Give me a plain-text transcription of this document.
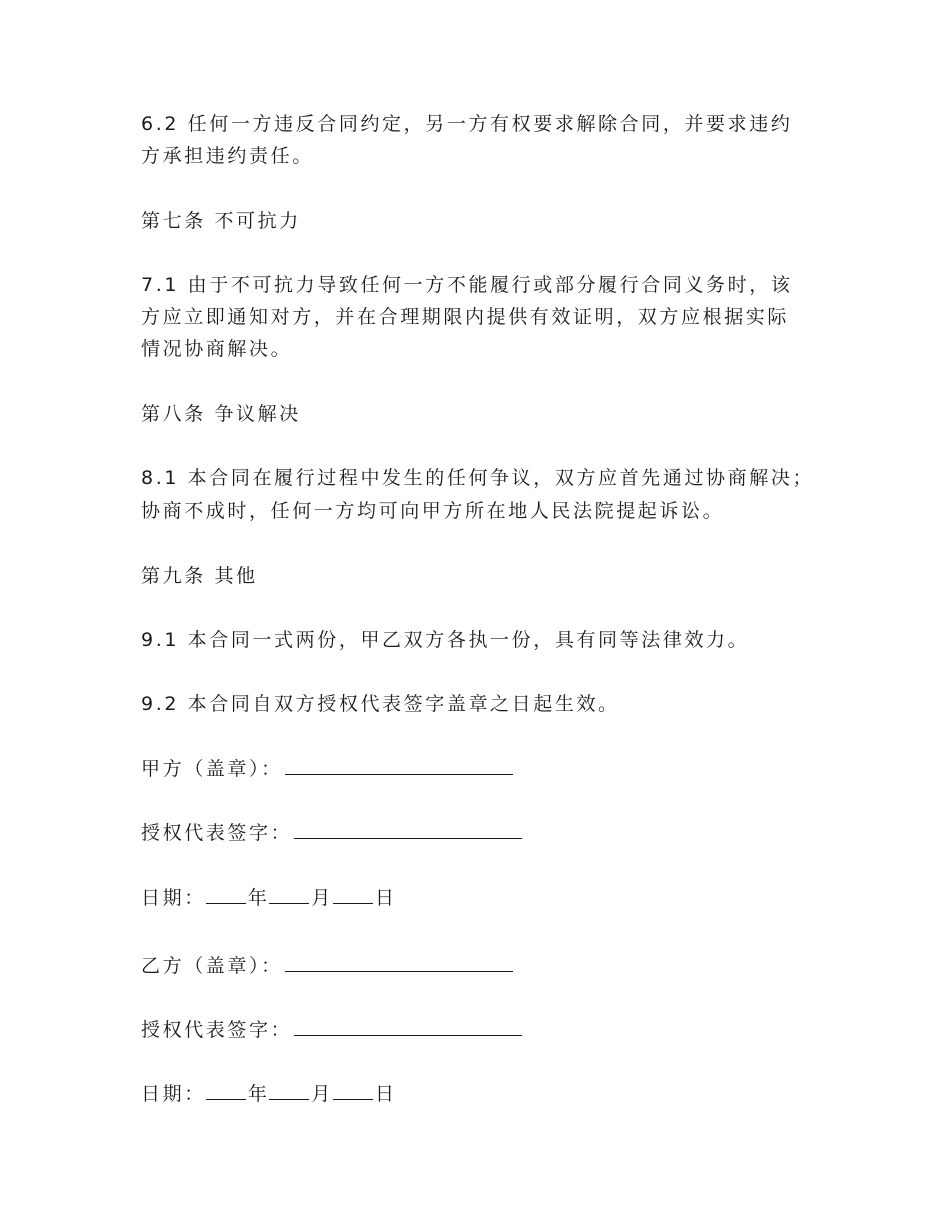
6.2 任何一方违反合同约定，另一方有权要求解除合同，并要求违约
方承担违约责任。
第七条 不可抗力
7.1 由于不可抗力导致任何一方不能履行或部分履行合同义务时，该
方应立即通知对方，并在合理期限内提供有效证明，双方应根据实际
情况协商解决。
第八条 争议解决
8.1 本合同在履行过程中发生的任何争议，双方应首先通过协商解决；
协商不成时，任何一方均可向甲方所在地人民法院提起诉讼。
第九条 其他
9.1 本合同一式两份，甲乙双方各执一份，具有同等法律效力。
9.2 本合同自双方授权代表签字盖章之日起生效。
甲方（盖章）：
授权代表签字：
日期： 年 月 日
乙方（盖章）：
授权代表签字：
日期： 年 月 日
